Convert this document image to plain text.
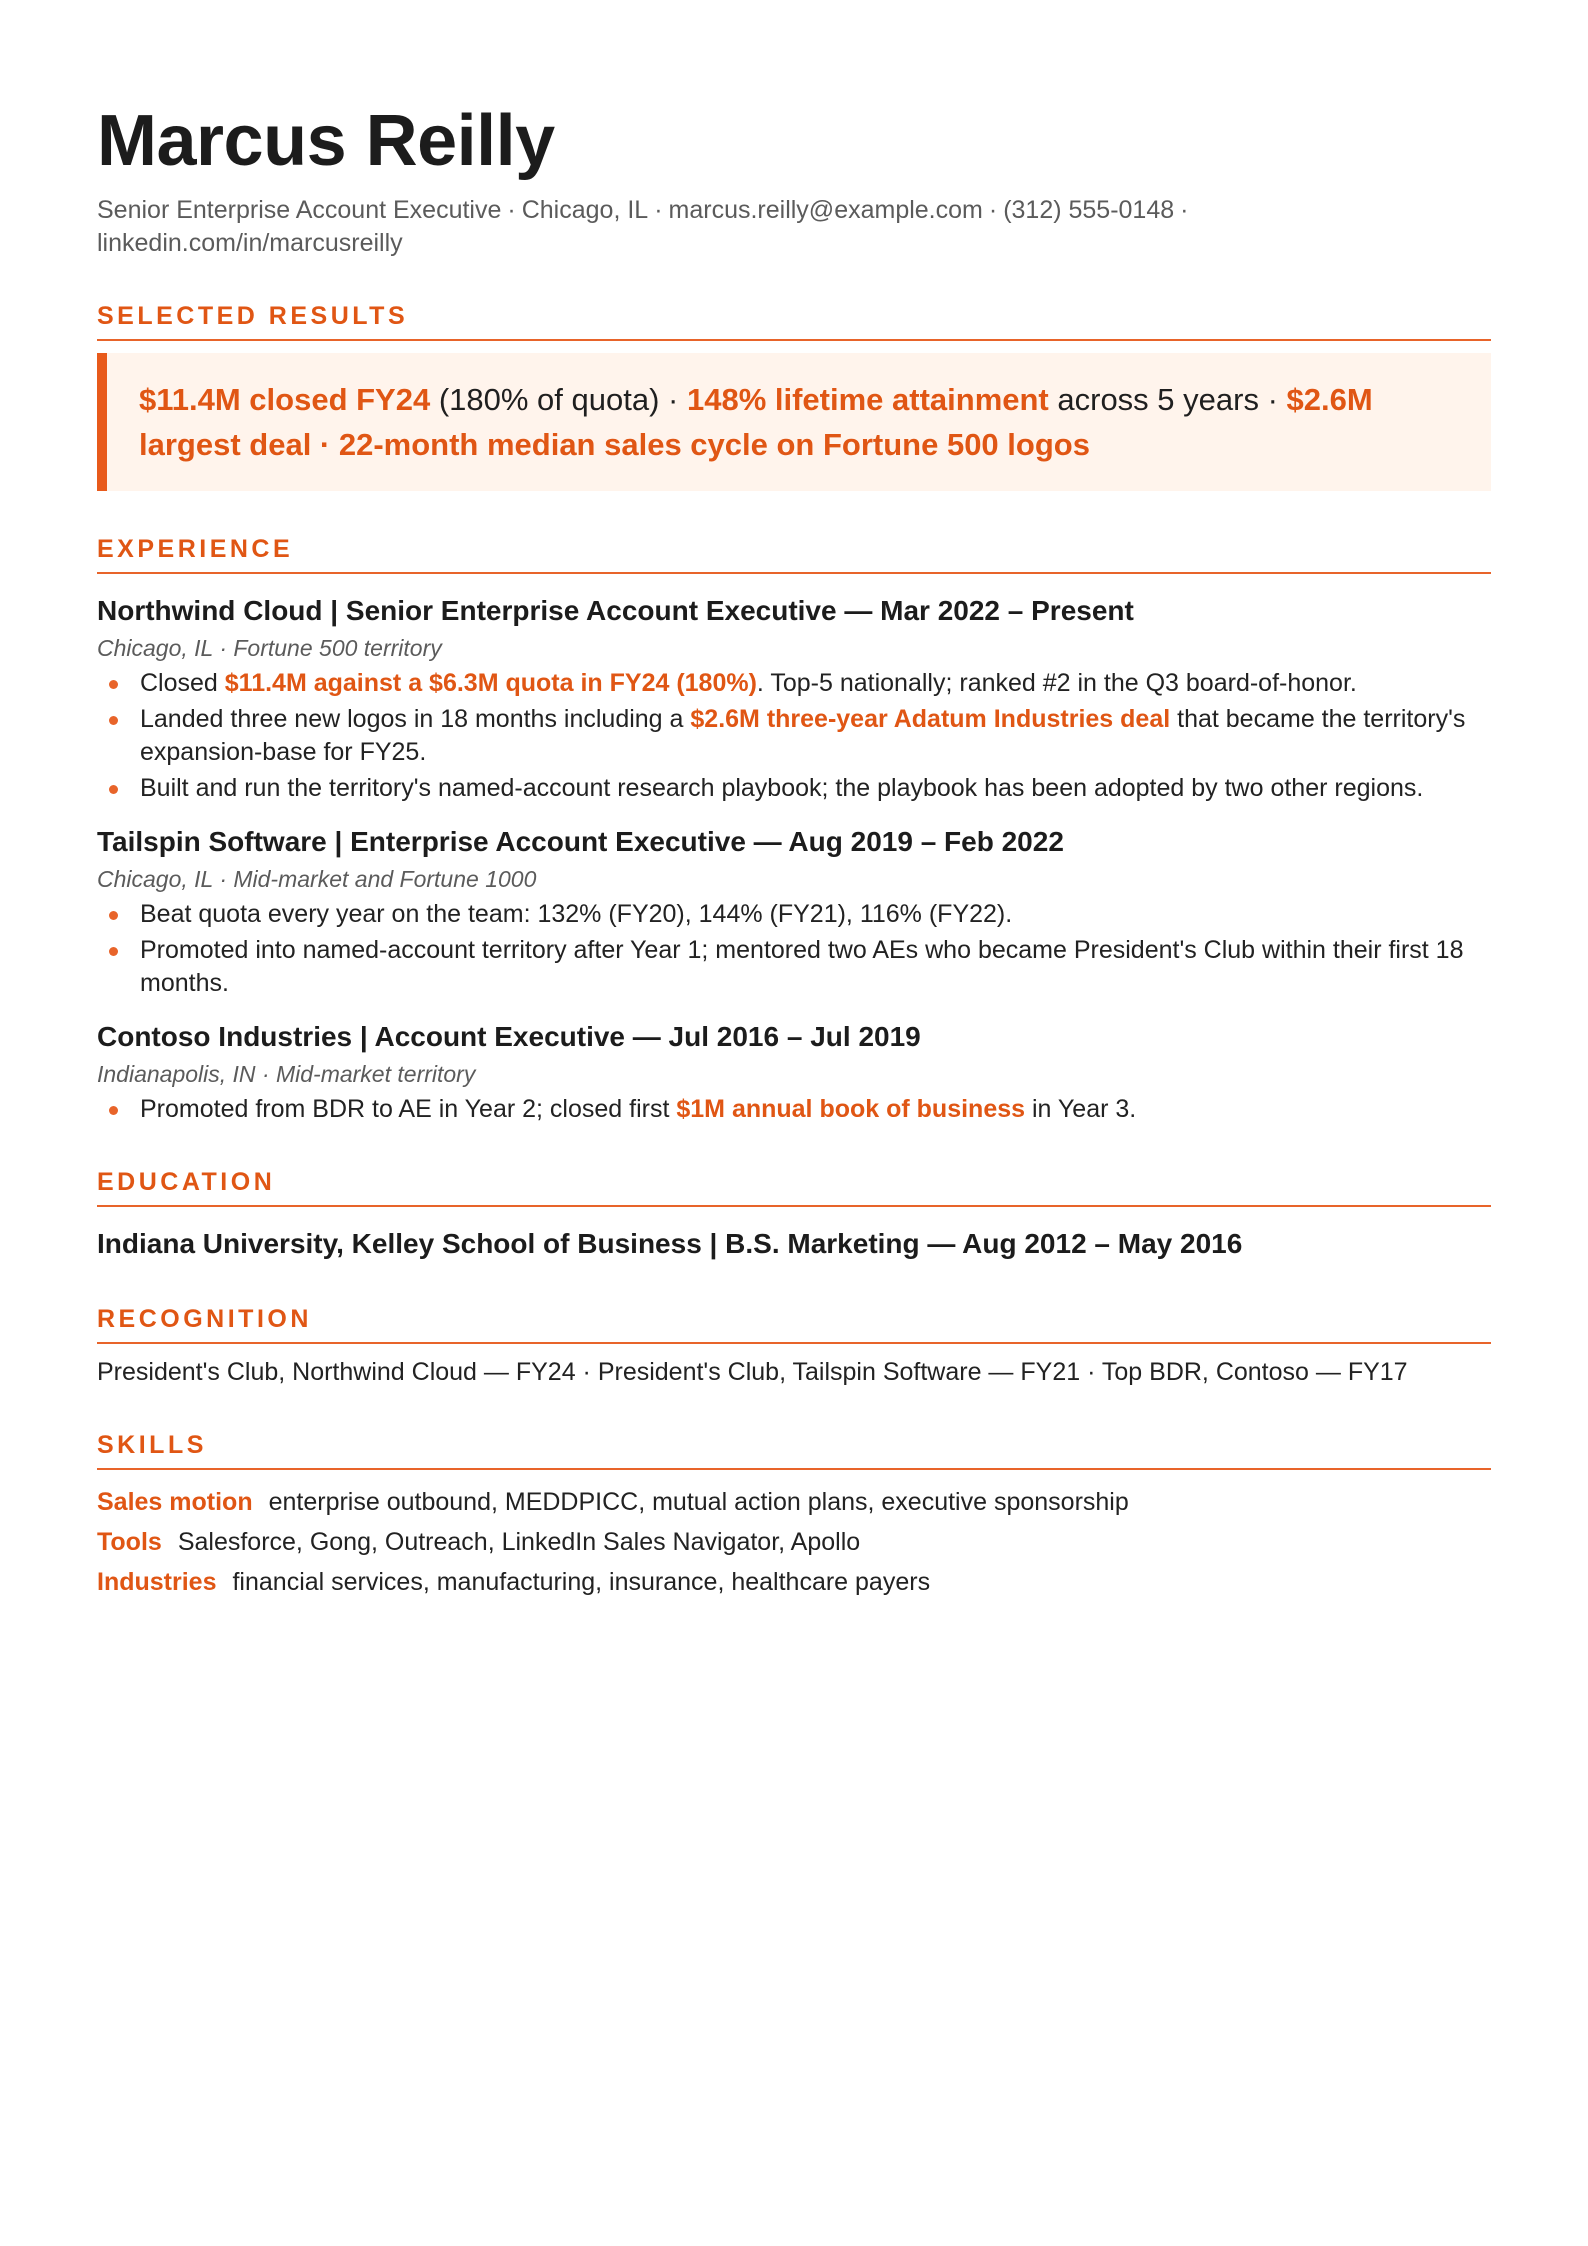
Marcus Reilly
Senior Enterprise Account Executive · Chicago, IL · marcus.reilly@example.com · (312) 555-0148 ·
linkedin.com/in/marcusreilly
SELECTED RESULTS
$11.4M closed FY24 (180% of quota) · 148% lifetime attainment across 5 years · $2.6M largest deal · 22-month median sales cycle on Fortune 500 logos
EXPERIENCE
Northwind Cloud | Senior Enterprise Account Executive — Mar 2022 – Present
Chicago, IL · Fortune 500 territory
Closed $11.4M against a $6.3M quota in FY24 (180%). Top-5 nationally; ranked #2 in the Q3 board-of-honor.
Landed three new logos in 18 months including a $2.6M three-year Adatum Industries deal that became the territory's expansion-base for FY25.
Built and run the territory's named-account research playbook; the playbook has been adopted by two other regions.
Tailspin Software | Enterprise Account Executive — Aug 2019 – Feb 2022
Chicago, IL · Mid-market and Fortune 1000
Beat quota every year on the team: 132% (FY20), 144% (FY21), 116% (FY22).
Promoted into named-account territory after Year 1; mentored two AEs who became President's Club within their first 18 months.
Contoso Industries | Account Executive — Jul 2016 – Jul 2019
Indianapolis, IN · Mid-market territory
Promoted from BDR to AE in Year 2; closed first $1M annual book of business in Year 3.
EDUCATION
Indiana University, Kelley School of Business | B.S. Marketing — Aug 2012 – May 2016
RECOGNITION
President's Club, Northwind Cloud — FY24 · President's Club, Tailspin Software — FY21 · Top BDR, Contoso — FY17
SKILLS
Sales motion enterprise outbound, MEDDPICC, mutual action plans, executive sponsorship
Tools Salesforce, Gong, Outreach, LinkedIn Sales Navigator, Apollo
Industries financial services, manufacturing, insurance, healthcare payers
